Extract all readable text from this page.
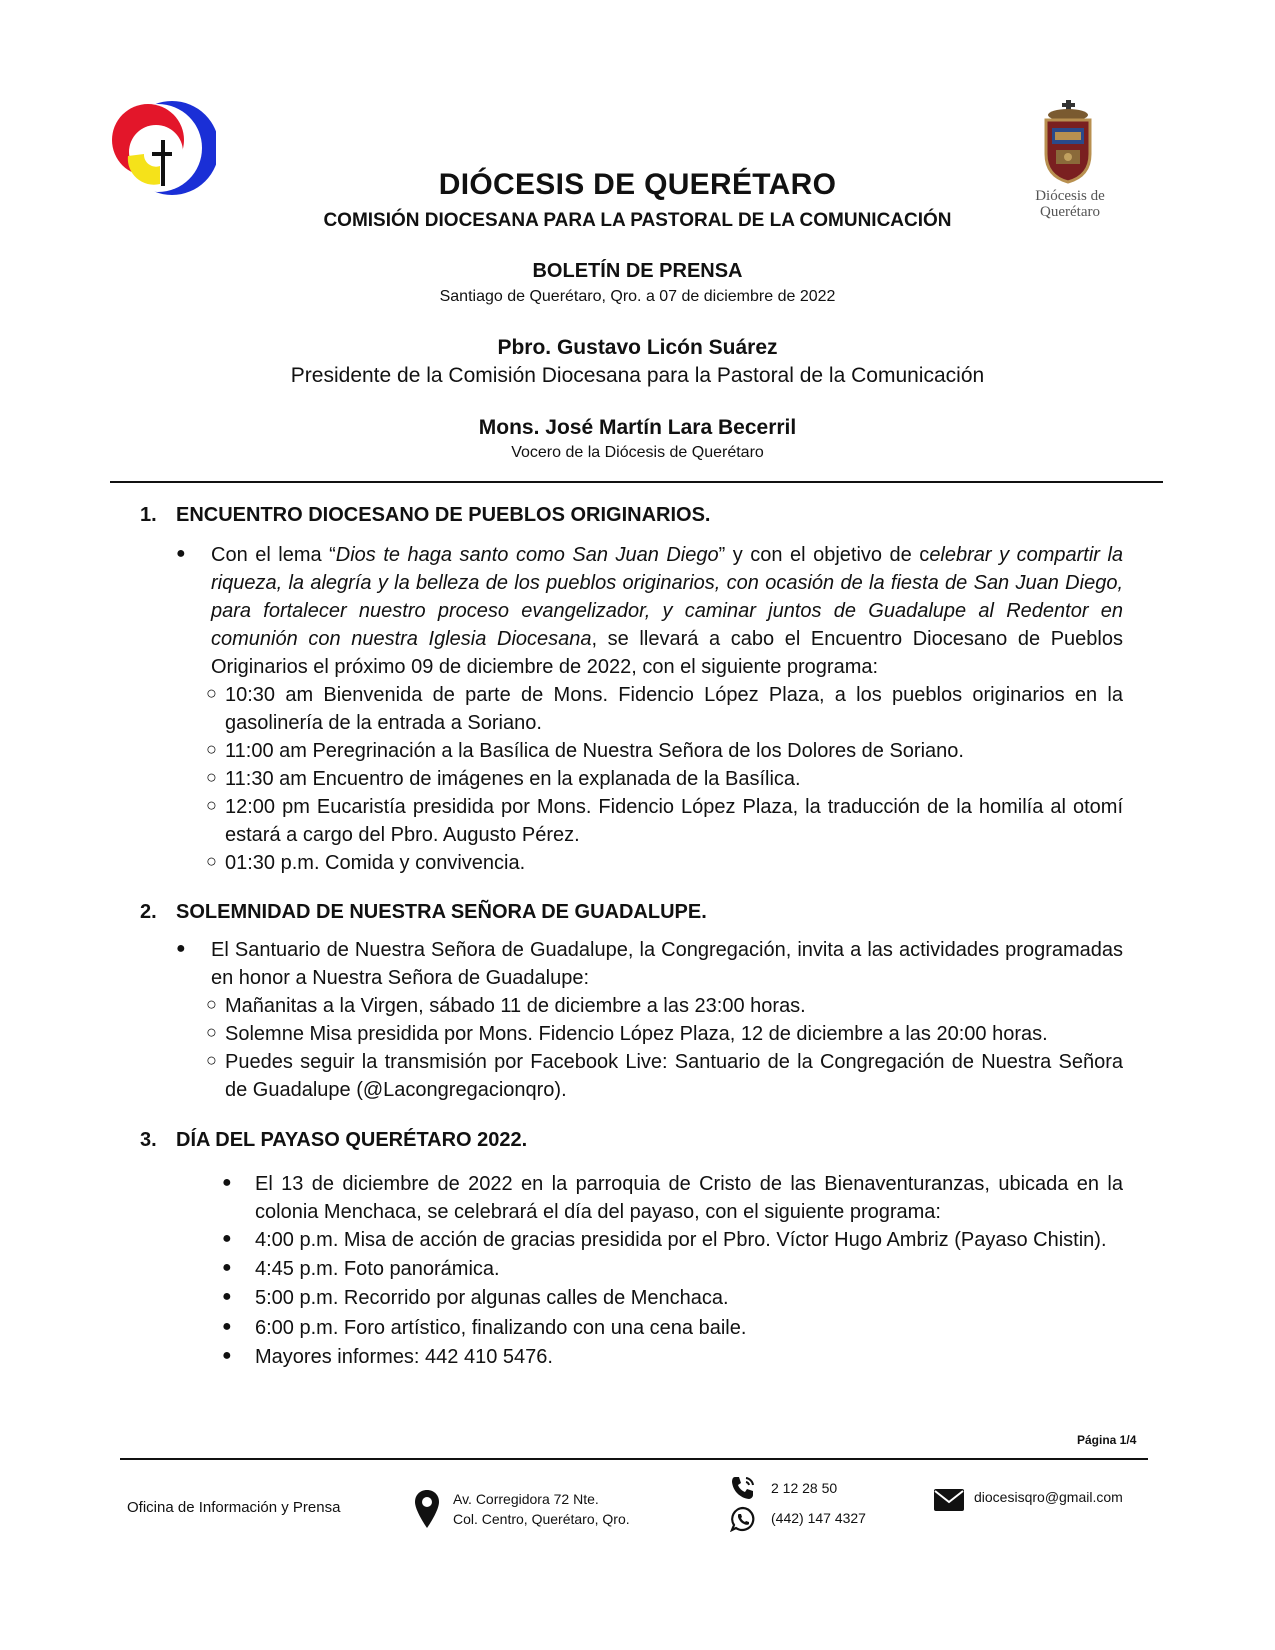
Diócesis de
Querétaro
DIÓCESIS DE QUERÉTARO
COMISIÓN DIOCESANA PARA LA PASTORAL DE LA COMUNICACIÓN
BOLETÍN DE PRENSA
Santiago de Querétaro, Qro. a 07 de diciembre de 2022
Pbro. Gustavo Licón Suárez
Presidente de la Comisión Diocesana para la Pastoral de la Comunicación
Mons. José Martín Lara Becerril
Vocero de la Diócesis de Querétaro
1. ENCUENTRO DIOCESANO DE PUEBLOS ORIGINARIOS.
● Con el lema “Dios te haga santo como San Juan Diego” y con el objetivo de celebrar y compartir la riqueza, la alegría y la belleza de los pueblos originarios, con ocasión de la fiesta de San Juan Diego, para fortalecer nuestro proceso evangelizador, y caminar juntos de Guadalupe al Redentor en comunión con nuestra Iglesia Diocesana, se llevará a cabo el Encuentro Diocesano de Pueblos Originarios el próximo 09 de diciembre de 2022, con el siguiente programa:
○ 10:30 am Bienvenida de parte de Mons. Fidencio López Plaza, a los pueblos originarios en la gasolinería de la entrada a Soriano.
○ 11:00 am Peregrinación a la Basílica de Nuestra Señora de los Dolores de Soriano.
○ 11:30 am Encuentro de imágenes en la explanada de la Basílica.
○ 12:00 pm Eucaristía presidida por Mons. Fidencio López Plaza, la traducción de la homilía al otomí estará a cargo del Pbro. Augusto Pérez.
○ 01:30 p.m. Comida y convivencia.
2. SOLEMNIDAD DE NUESTRA SEÑORA DE GUADALUPE.
● El Santuario de Nuestra Señora de Guadalupe, la Congregación, invita a las actividades programadas en honor a Nuestra Señora de Guadalupe:
○ Mañanitas a la Virgen, sábado 11 de diciembre a las 23:00 horas.
○ Solemne Misa presidida por Mons. Fidencio López Plaza, 12 de diciembre a las 20:00 horas.
○ Puedes seguir la transmisión por Facebook Live: Santuario de la Congregación de Nuestra Señora de Guadalupe (@Lacongregacionqro).
3. DÍA DEL PAYASO QUERÉTARO 2022.
● El 13 de diciembre de 2022 en la parroquia de Cristo de las Bienaventuranzas, ubicada en la colonia Menchaca, se celebrará el día del payaso, con el siguiente programa:
● 4:00 p.m. Misa de acción de gracias presidida por el Pbro. Víctor Hugo Ambriz (Payaso Chistin).
● 4:45 p.m. Foto panorámica.
● 5:00 p.m. Recorrido por algunas calles de Menchaca.
● 6:00 p.m. Foro artístico, finalizando con una cena baile.
● Mayores informes: 442 410 5476.
Página 1/4
Oficina de Información y Prensa	Av. Corregidora 72 Nte.
Col. Centro, Querétaro, Qro.
2 12 28 50
(442) 147 4327
diocesisqro@gmail.com
